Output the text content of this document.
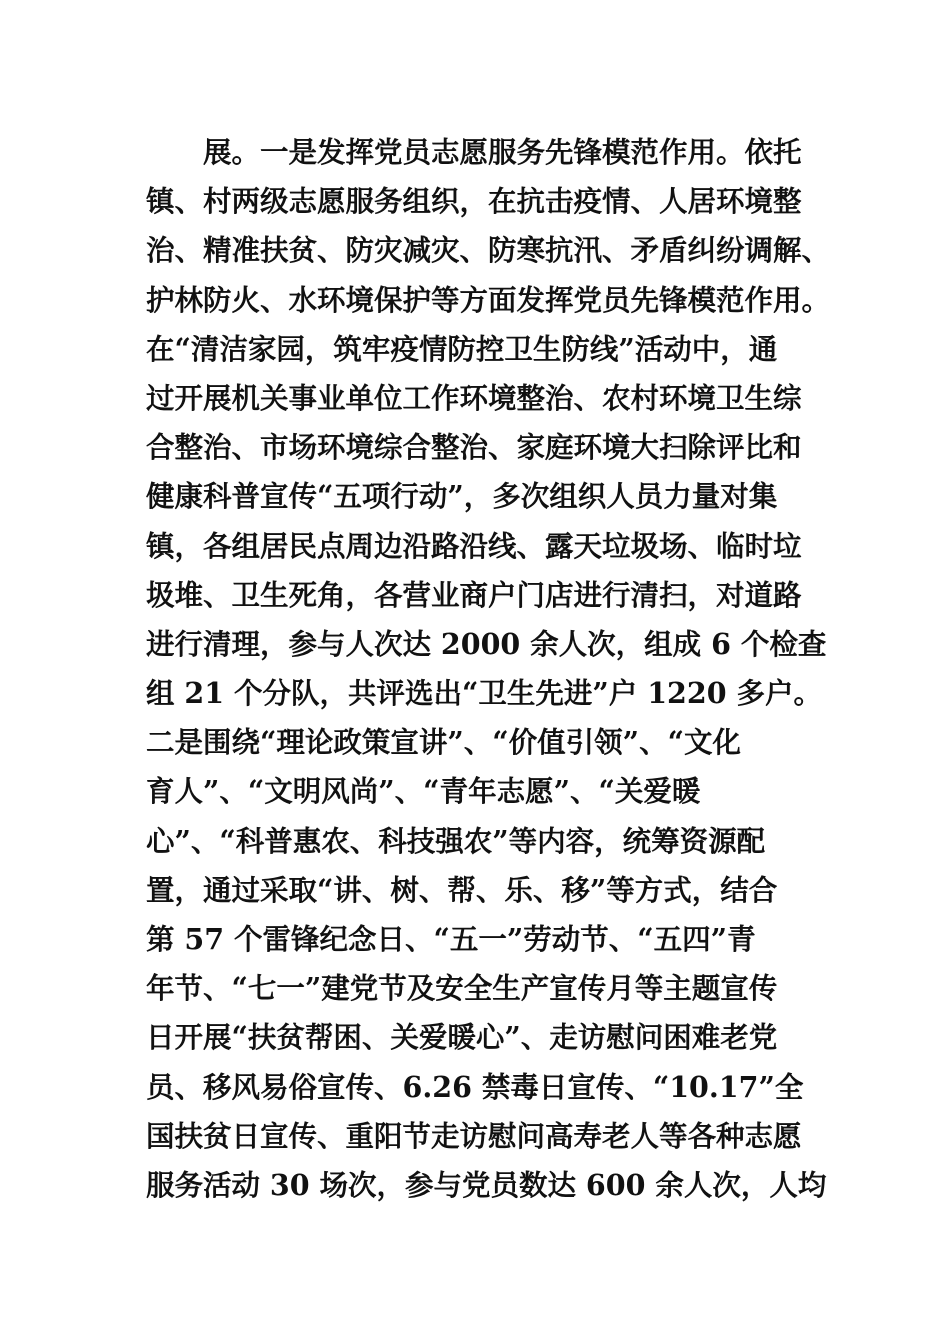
展。一是发挥党员志愿服务先锋模范作用。依托
镇、村两级志愿服务组织，在抗击疫情、人居环境整
治、精准扶贫、防灾减灾、防寒抗汛、矛盾纠纷调解、
护林防火、水环境保护等方面发挥党员先锋模范作用。
在“清洁家园，筑牢疫情防控卫生防线”活动中，通
过开展机关事业单位工作环境整治、农村环境卫生综
合整治、市场环境综合整治、家庭环境大扫除评比和
健康科普宣传“五项行动”，多次组织人员力量对集
镇，各组居民点周边沿路沿线、露天垃圾场、临时垃
圾堆、卫生死角，各营业商户门店进行清扫，对道路
进行清理，参与人次达 2000 余人次，组成 6 个检查
组 21 个分队，共评选出“卫生先进”户 1220 多户。
二是围绕“理论政策宣讲”、“价值引领”、“文化
育人”、“文明风尚”、“青年志愿”、“关爱暖
心”、“科普惠农、科技强农”等内容，统筹资源配
置，通过采取“讲、树、帮、乐、移”等方式，结合
第 57 个雷锋纪念日、“五一”劳动节、“五四”青
年节、“七一”建党节及安全生产宣传月等主题宣传
日开展“扶贫帮困、关爱暖心”、走访慰问困难老党
员、移风易俗宣传、6.26 禁毒日宣传、“10.17”全
国扶贫日宣传、重阳节走访慰问高寿老人等各种志愿
服务活动 30 场次，参与党员数达 600 余人次，人均
